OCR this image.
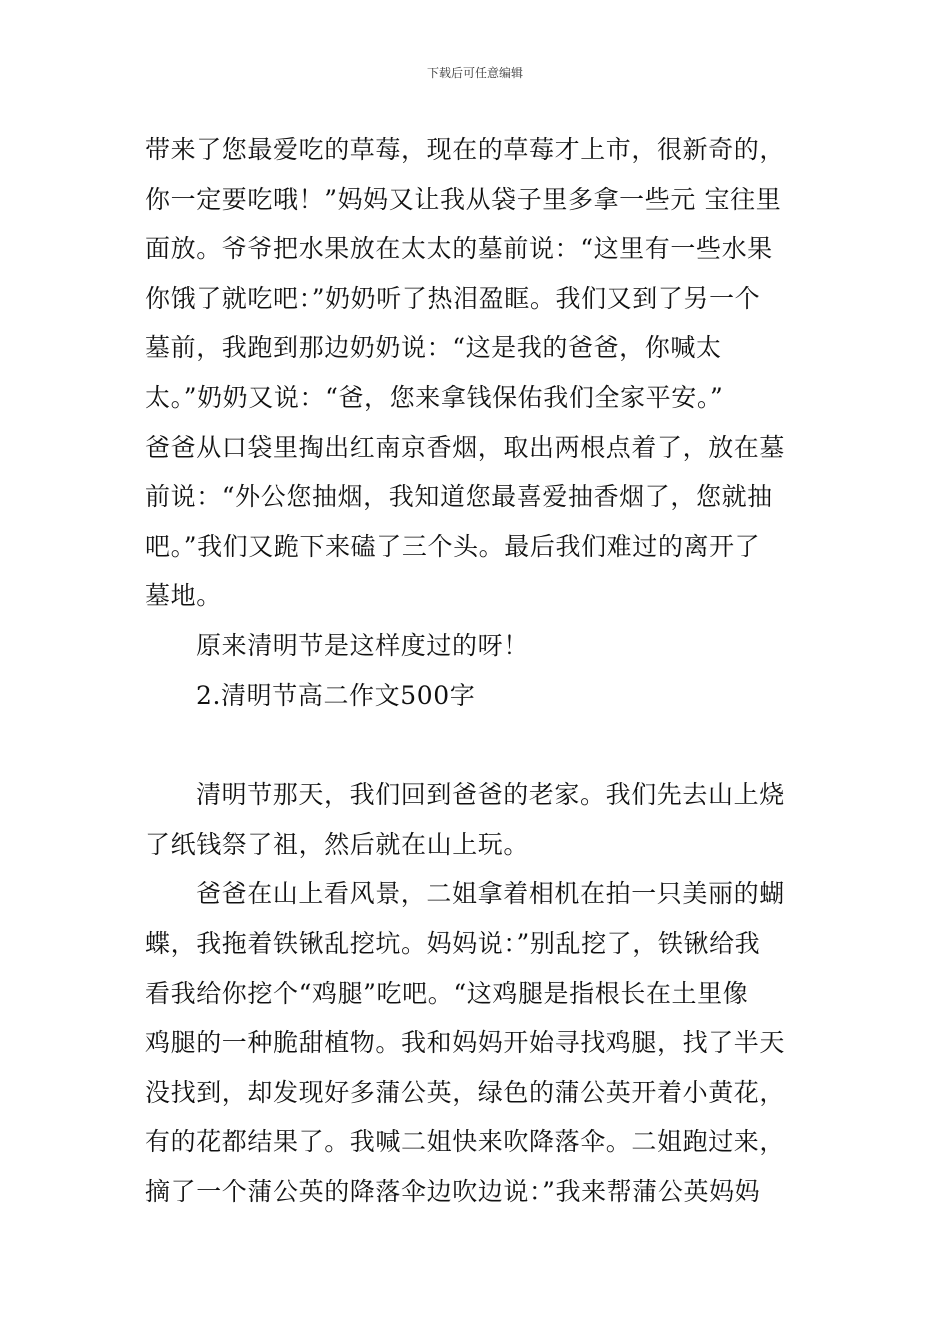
下载后可任意编辑
带来了您最爱吃的草莓，现在的草莓才上市，很新奇的，
你一定要吃哦！”妈妈又让我从袋子里多拿一些元 宝往里
面放。爷爷把水果放在太太的墓前说：“这里有一些水果
你饿了就吃吧：”奶奶听了热泪盈眶。我们又到了另一个
墓前，我跑到那边奶奶说：“这是我的爸爸，你喊太
太。”奶奶又说：“爸，您来拿钱保佑我们全家平安。”
爸爸从口袋里掏出红南京香烟，取出两根点着了，放在墓
前说：“外公您抽烟，我知道您最喜爱抽香烟了，您就抽
吧。”我们又跪下来磕了三个头。最后我们难过的离开了
墓地。
原来清明节是这样度过的呀！
2.清明节高二作文500字
清明节那天，我们回到爸爸的老家。我们先去山上烧
了纸钱祭了祖，然后就在山上玩。
爸爸在山上看风景，二姐拿着相机在拍一只美丽的蝴
蝶，我拖着铁锹乱挖坑。妈妈说：”别乱挖了，铁锹给我
看我给你挖个“鸡腿”吃吧。“这鸡腿是指根长在土里像
鸡腿的一种脆甜植物。我和妈妈开始寻找鸡腿，找了半天
没找到，却发现好多蒲公英，绿色的蒲公英开着小黄花，
有的花都结果了。我喊二姐快来吹降落伞。二姐跑过来，
摘了一个蒲公英的降落伞边吹边说：”我来帮蒲公英妈妈
